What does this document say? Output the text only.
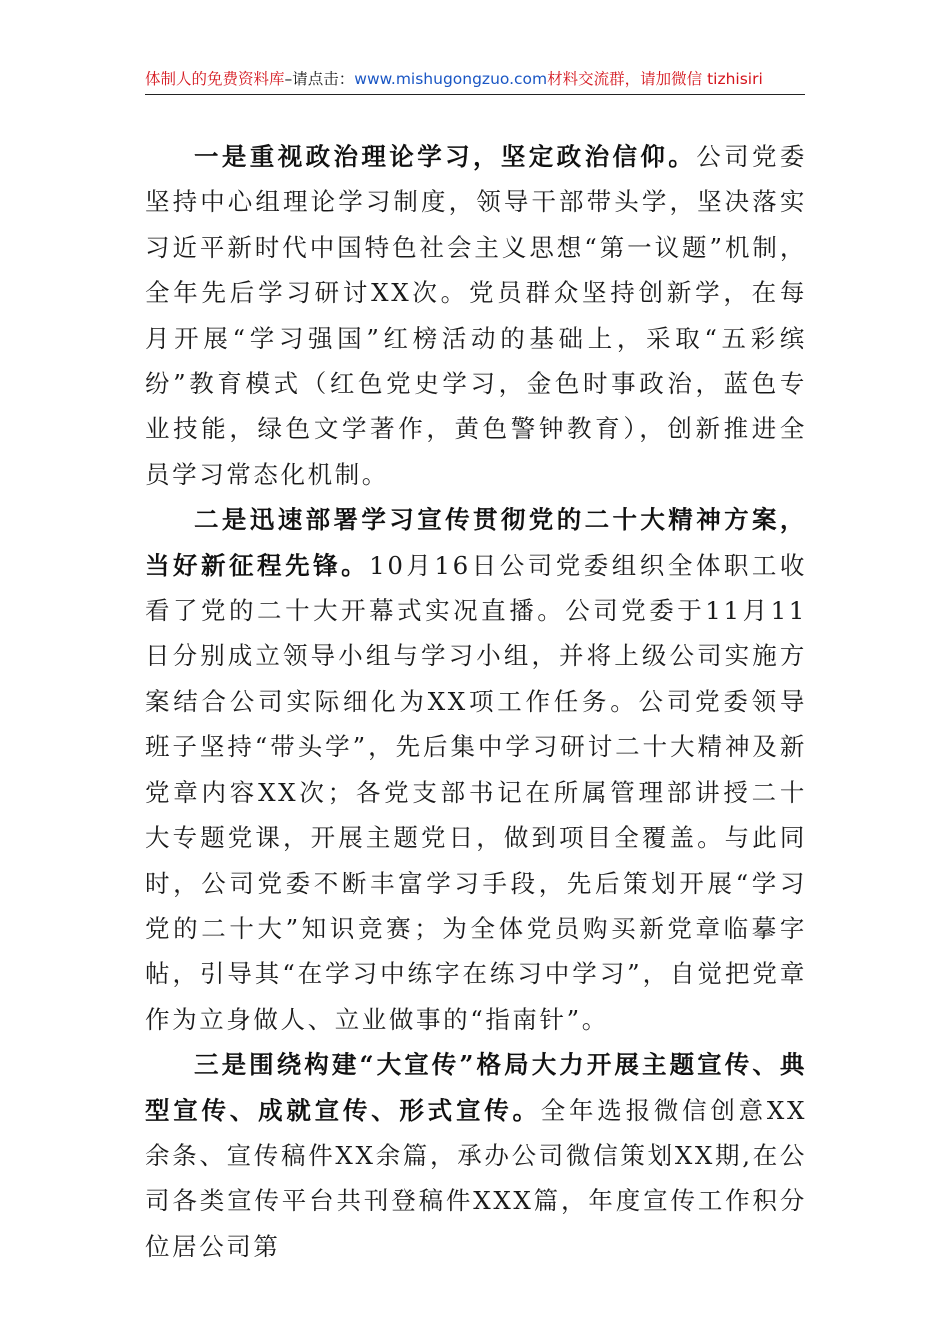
体制人的免费资料库–请点击：www.mishugongzuo.com材料交流群，请加微信 tizhisiri

一是重视政治理论学习，坚定政治信仰。公司党委坚持中心组理论学习制度，领导干部带头学，坚决落实习近平新时代中国特色社会主义思想“第一议题”机制，全年先后学习研讨XX次。党员群众坚持创新学，在每月开展“学习强国”红榜活动的基础上，采取“五彩缤纷”教育模式（红色党史学习，金色时事政治，蓝色专业技能，绿色文学著作，黄色警钟教育），创新推进全员学习常态化机制。

二是迅速部署学习宣传贯彻党的二十大精神方案，当好新征程先锋。10月16日公司党委组织全体职工收看了党的二十大开幕式实况直播。公司党委于11月11日分别成立领导小组与学习小组，并将上级公司实施方案结合公司实际细化为XX项工作任务。公司党委领导班子坚持“带头学”，先后集中学习研讨二十大精神及新党章内容XX次；各党支部书记在所属管理部讲授二十大专题党课，开展主题党日，做到项目全覆盖。与此同时，公司党委不断丰富学习手段，先后策划开展“学习党的二十大”知识竞赛；为全体党员购买新党章临摹字帖，引导其“在学习中练字在练习中学习”，自觉把党章作为立身做人、立业做事的“指南针”。

三是围绕构建“大宣传”格局大力开展主题宣传、典型宣传、成就宣传、形式宣传。全年选报微信创意XX余条、宣传稿件XX余篇，承办公司微信策划XX期,在公司各类宣传平台共刊登稿件XXX篇，年度宣传工作积分位居公司第
